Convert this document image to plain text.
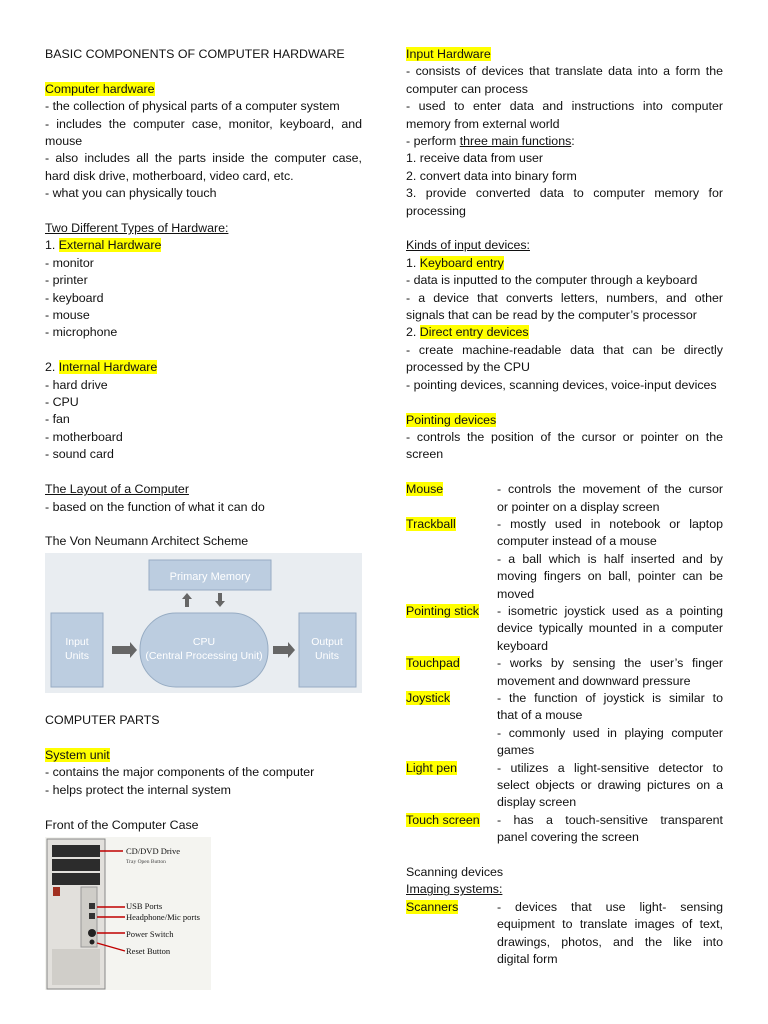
BASIC COMPONENTS OF COMPUTER HARDWARE
Computer hardware
- the collection of physical parts of a computer system
- includes the computer case, monitor, keyboard, and
mouse
- also includes all the parts inside the computer case,
hard disk drive, motherboard, video card, etc.
- what you can physically touch
Two Different Types of Hardware:
1. External Hardware
- monitor
- printer
- keyboard
- mouse
- microphone
2. Internal Hardware
- hard drive
- CPU
- fan
- motherboard
- sound card
The Layout of a Computer
- based on the function of what it can do
The Von Neumann Architect Scheme
Primary Memory
Input
Units
CPU
(Central Processing Unit)
Output
Units
COMPUTER PARTS
System unit
- contains the major components of the computer
- helps protect the internal system
Front of the Computer Case
CD/DVD Drive
Tray Open Button
USB Ports
Headphone/Mic ports
Power Switch
Reset Button
Input Hardware
- consists of devices that translate data into a form the
computer can process
- used to enter data and instructions into computer
memory from external world
- perform three main functions:
1. receive data from user
2. convert data into binary form
3. provide converted data to computer memory for
processing
Kinds of input devices:
1. Keyboard entry
- data is inputted to the computer through a keyboard
- a device that converts letters, numbers, and other
signals that can be read by the computer’s processor
2. Direct entry devices
- create machine-readable data that can be directly
processed by the CPU
- pointing devices, scanning devices, voice-input devices
Pointing devices
- controls the position of the cursor or pointer on the
screen
Mouse	- controls the movement of the cursor
or pointer on a display screen
Trackball	- mostly used in notebook or laptop
computer instead of a mouse
- a ball which is half inserted and by
moving fingers on ball, pointer can be
moved
Pointing stick	- isometric joystick used as a pointing
device typically mounted in a computer
keyboard
Touchpad	- works by sensing the user’s finger
movement and downward pressure
Joystick	- the function of joystick is similar to
that of a mouse
- commonly used in playing computer
games
Light pen	- utilizes a light-sensitive detector to
select objects or drawing pictures on a
display screen
Touch screen	- has a touch-sensitive transparent
panel covering the screen
Scanning devices
Imaging systems:
Scanners	- devices that use light- sensing
equipment to translate images of text,
drawings, photos, and the like into
digital form
